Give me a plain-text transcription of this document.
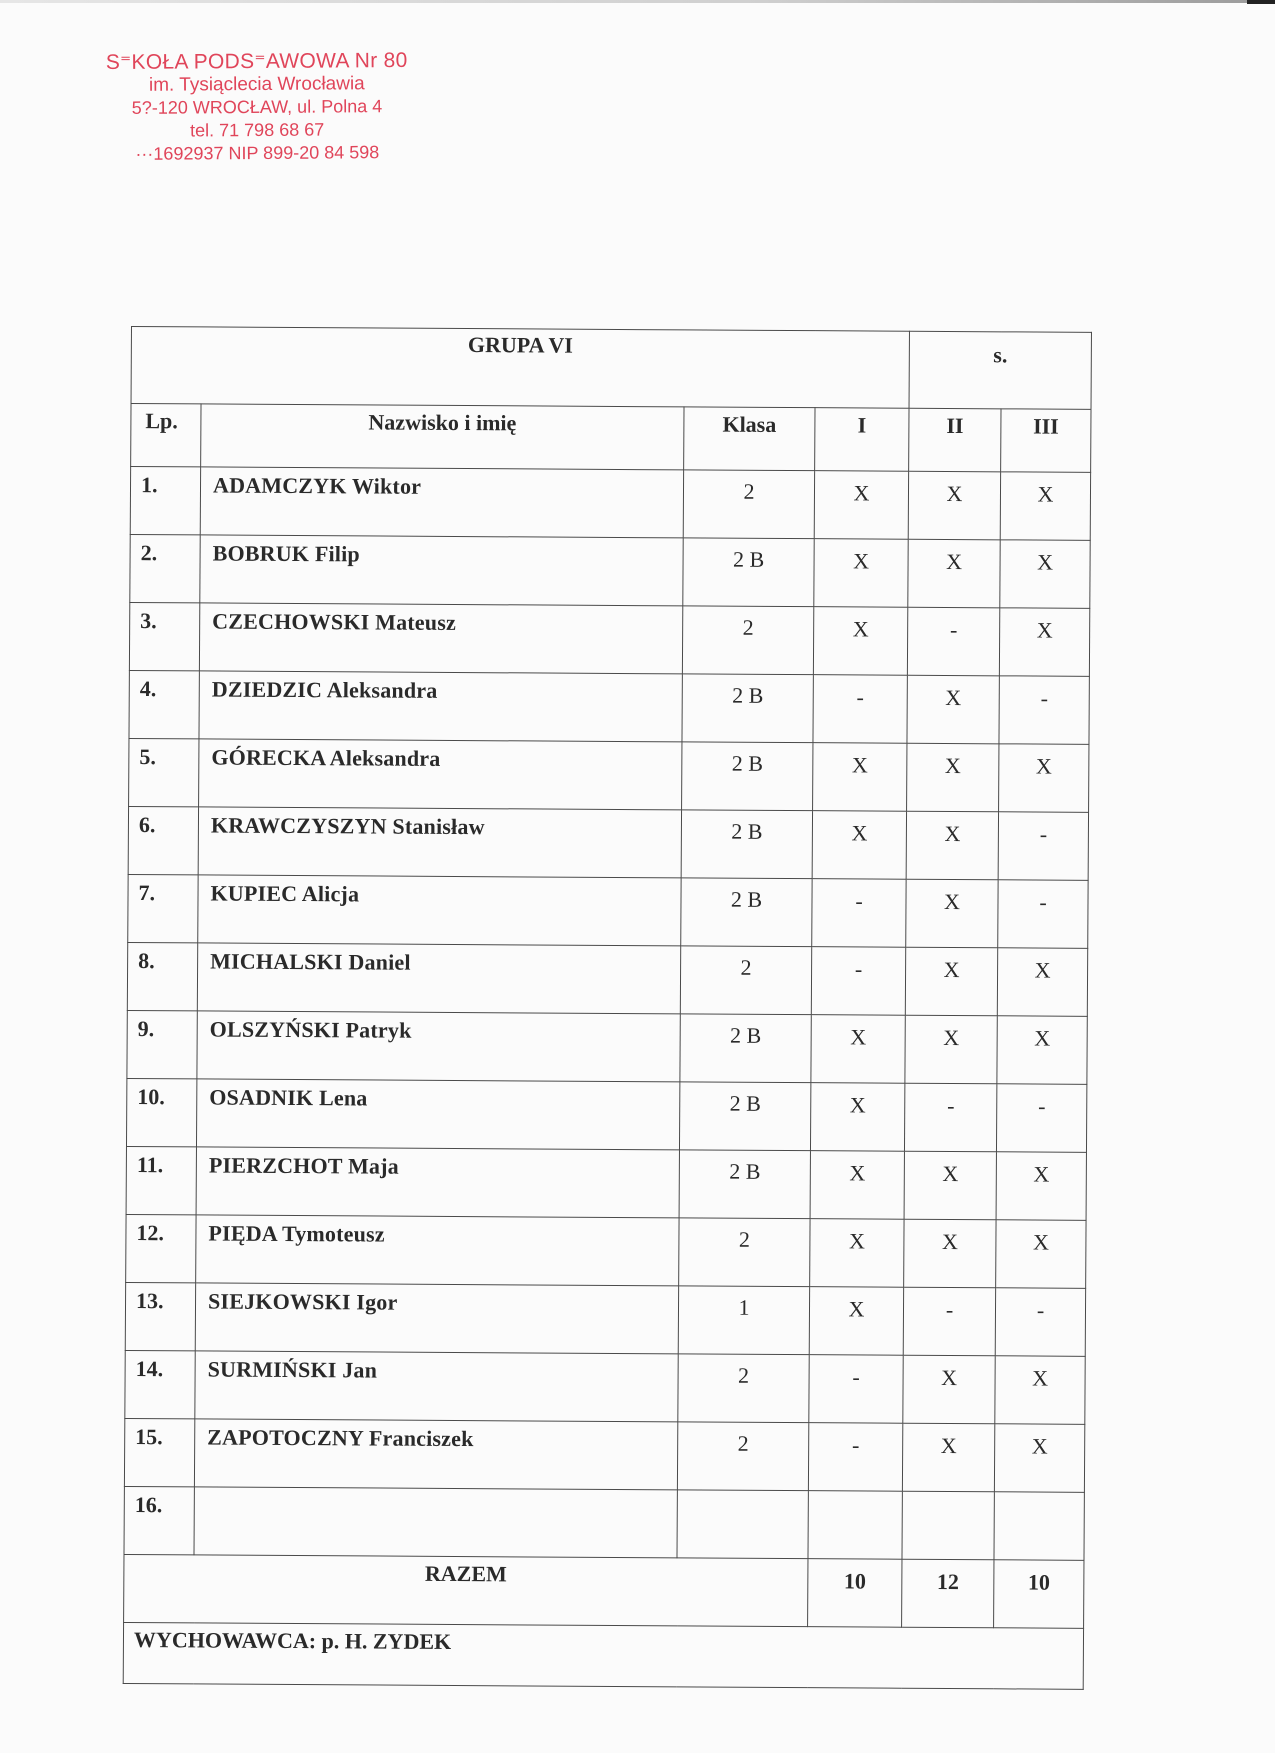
S⁼KOŁA PODS⁼AWOWA Nr 80
im. Tysiąclecia Wrocławia
5?-120 WROCŁAW, ul. Polna 4
tel. 71 798 68 67
···1692937 NIP 899-20 84 598
GRUPA VI				s.	
Lp.	Nazwisko i imię	Klasa	I	II	III
1.	ADAMCZYK Wiktor	2	X	X	X
2.	BOBRUK Filip	2 B	X	X	X
3.	CZECHOWSKI Mateusz	2	X	-	X
4.	DZIEDZIC Aleksandra	2 B	-	X	-
5.	GÓRECKA Aleksandra	2 B	X	X	X
6.	KRAWCZYSZYN Stanisław	2 B	X	X	-
7.	KUPIEC Alicja	2 B	-	X	-
8.	MICHALSKI Daniel	2	-	X	X
9.	OLSZYŃSKI Patryk	2 B	X	X	X
10.	OSADNIK Lena	2 B	X	-	-
11.	PIERZCHOT Maja	2 B	X	X	X
12.	PIĘDA Tymoteusz	2	X	X	X
13.	SIEJKOWSKI Igor	1	X	-	-
14.	SURMIŃSKI Jan	2	-	X	X
15.	ZAPOTOCZNY Franciszek	2	-	X	X
16.					
RAZEM			10	12	10
WYCHOWAWCA: p. H. ZYDEK					
